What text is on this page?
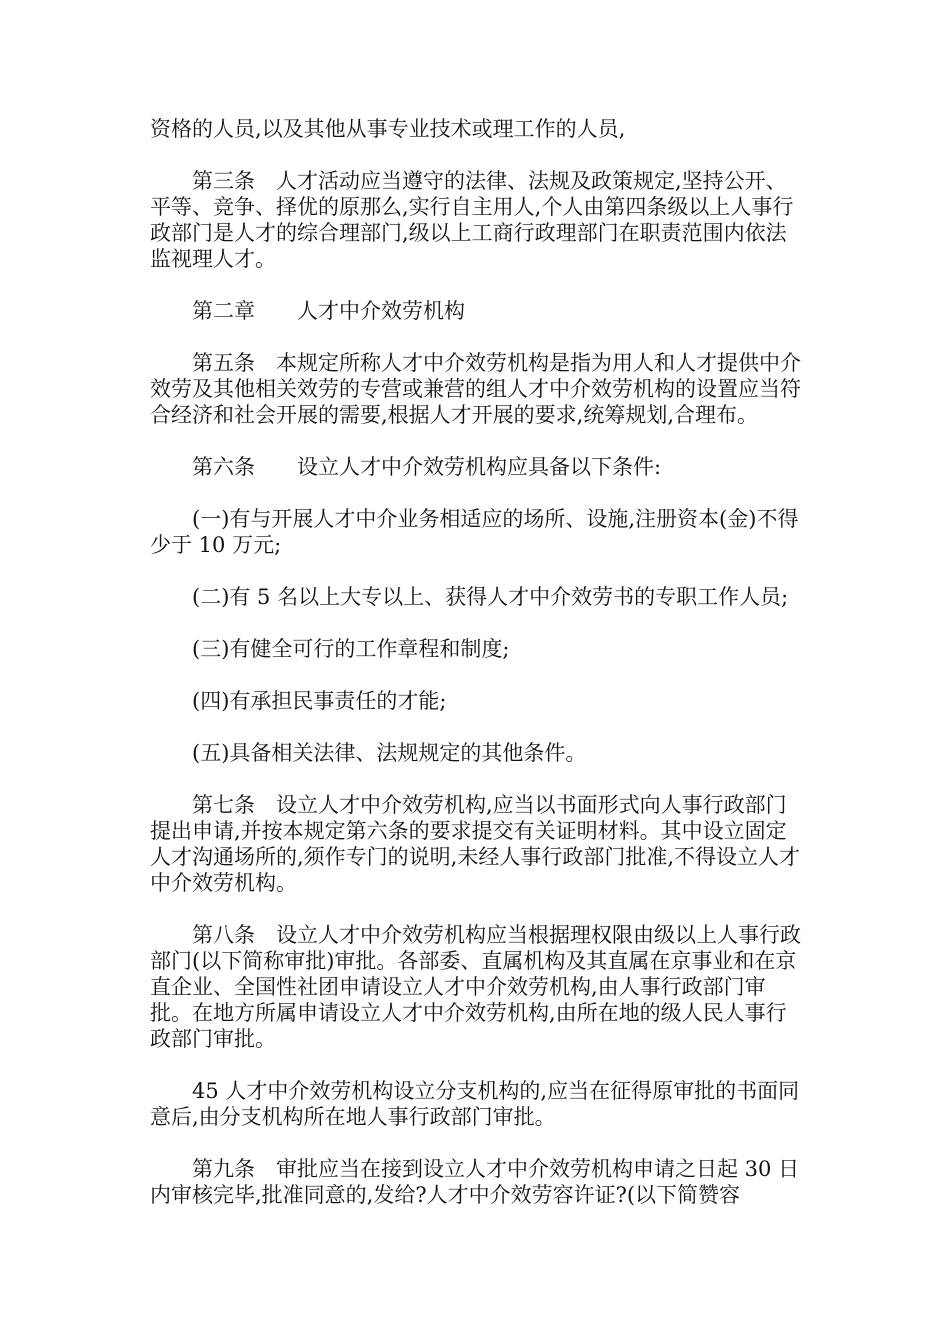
资格的人员,以及其他从事专业技术或理工作的人员,

第三条　人才活动应当遵守的法律、法规及政策规定,坚持公开、平等、竞争、择优的原那么,实行自主用人,个人由第四条级以上人事行政部门是人才的综合理部门,级以上工商行政理部门在职责范围内依法监视理人才。

第二章　　人才中介效劳机构

第五条　本规定所称人才中介效劳机构是指为用人和人才提供中介效劳及其他相关效劳的专营或兼营的组人才中介效劳机构的设置应当符合经济和社会开展的需要,根据人才开展的要求,统筹规划,合理布。

第六条　　设立人才中介效劳机构应具备以下条件:

(一)有与开展人才中介业务相适应的场所、设施,注册资本(金)不得少于 10 万元;

(二)有 5 名以上大专以上、获得人才中介效劳书的专职工作人员;

(三)有健全可行的工作章程和制度;

(四)有承担民事责任的才能;

(五)具备相关法律、法规规定的其他条件。

第七条　设立人才中介效劳机构,应当以书面形式向人事行政部门提出申请,并按本规定第六条的要求提交有关证明材料。其中设立固定人才沟通场所的,须作专门的说明,未经人事行政部门批准,不得设立人才中介效劳机构。

第八条　设立人才中介效劳机构应当根据理权限由级以上人事行政部门(以下简称审批)审批。各部委、直属机构及其直属在京事业和在京直企业、全国性社团申请设立人才中介效劳机构,由人事行政部门审批。在地方所属申请设立人才中介效劳机构,由所在地的级人民人事行政部门审批。

45 人才中介效劳机构设立分支机构的,应当在征得原审批的书面同意后,由分支机构所在地人事行政部门审批。

第九条　审批应当在接到设立人才中介效劳机构申请之日起 30 日内审核完毕,批准同意的,发给?人才中介效劳容许证?(以下简赞容
